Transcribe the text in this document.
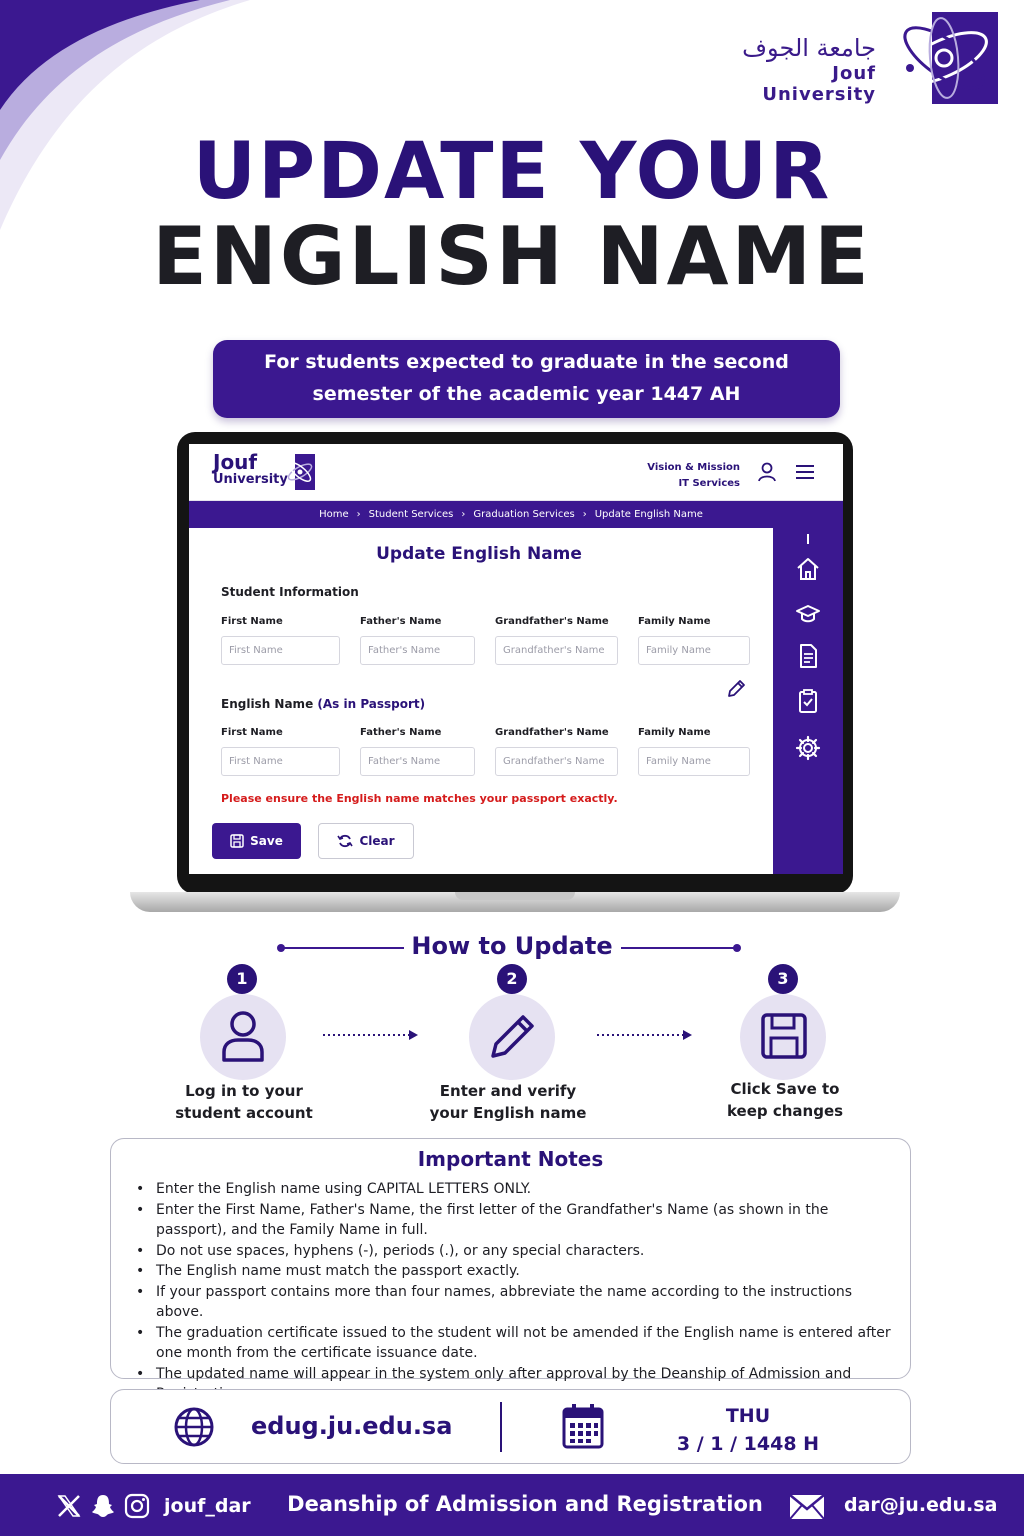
جامعة الجوف
Jouf University
UPDATE YOUR
ENGLISH NAME
For students expected to graduate in the second
semester of the academic year 1447 AH
Jouf
University
Vision & Mission
IT Services
Home › Student Services › Graduation Services › Update English Name
Update English Name
Student Information
First Name	Father's Name	Grandfather's Name	Family Name
First Name	Father's Name	Grandfather's Name	Family Name
English Name (As in Passport)
First Name	Father's Name	Grandfather's Name	Family Name
First Name	Father's Name	Grandfather's Name	Family Name
Please ensure the English name matches your passport exactly.
Save	Clear
How to Update
1
Log in to your
student account
2
Enter and verify
your English name
3
Click Save to
keep changes
Important Notes
• Enter the English name using CAPITAL LETTERS ONLY.
• Enter the First Name, Father's Name, the first letter of the Grandfather's Name (as shown in the passport), and the Family Name in full.
• Do not use spaces, hyphens (-), periods (.), or any special characters.
• The English name must match the passport exactly.
• If your passport contains more than four names, abbreviate the name according to the instructions above.
• The graduation certificate issued to the student will not be amended if the English name is entered after one month from the certificate issuance date.
• The updated name will appear in the system only after approval by the Deanship of Admission and
edug.ju.edu.sa	THU
3 / 1 / 1448 H
jouf_dar	Deanship of Admission and Registration	dar@ju.edu.sa
